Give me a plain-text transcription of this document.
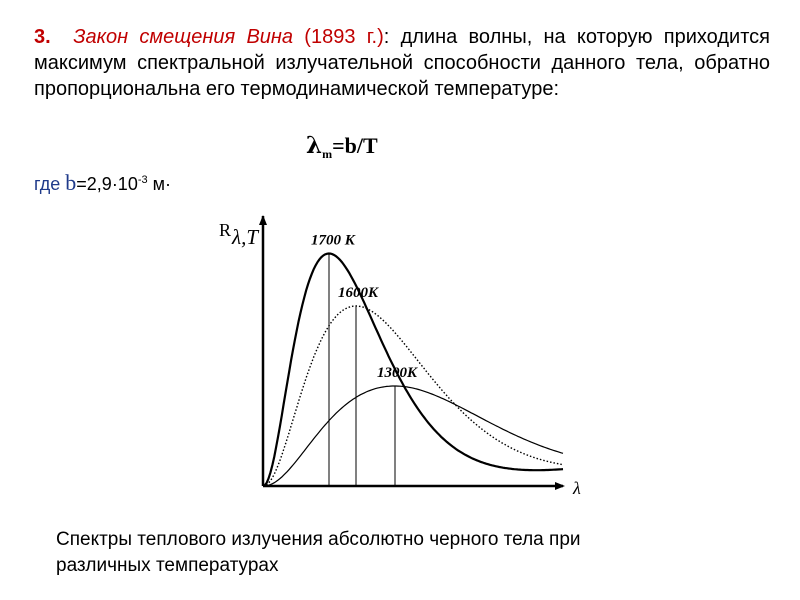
3. Закон смещения Вина (1893 г.): длина волны, на которую приходится максимум спектральной излучательной способности данного тела, обратно пропорциональна его термодинамической температуре:

$\lambda_m=b/T$
где $b=2,9\cdot 10^{-3}$ м·
R λ,T
λ
1700 K
1600K
1300K

Спектры теплового излучения абсолютно черного тела при
различных температурах
